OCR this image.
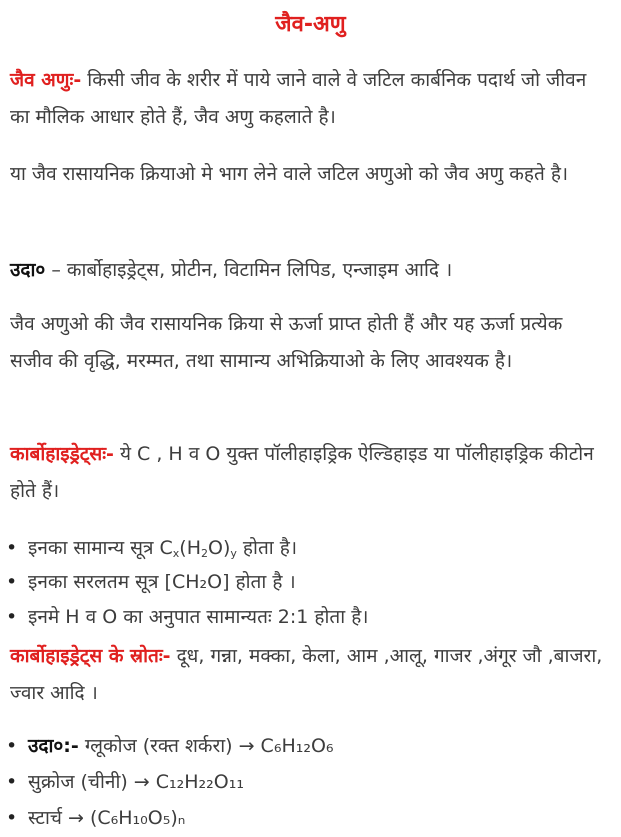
जैव-अणु
जैव अणुः- किसी जीव के शरीर में पाये जाने वाले वे जटिल कार्बनिक पदार्थ जो जीवन का मौलिक आधार होते हैं, जैव अणु कहलाते है।
या जैव रासायनिक क्रियाओ मे भाग लेने वाले जटिल अणुओ को जैव अणु कहते है।
उदा० – कार्बोहाइड्रेट्स, प्रोटीन, विटामिन लिपिड, एन्जाइम आदि ।
जैव अणुओ की जैव रासायनिक क्रिया से ऊर्जा प्राप्त होती हैं और यह ऊर्जा प्रत्येक सजीव की वृद्धि, मरम्मत, तथा सामान्य अभिक्रियाओ के लिए आवश्यक है।
कार्बोहाइड्रेट्सः- ये C , H व O युक्त पॉलीहाइड्रिक ऐल्डिहाइड या पॉलीहाइड्रिक कीटोन होते हैं।
• इनका सामान्य सूत्र $C_x(H_2O)_y$ होता है।
• इनका सरलतम सूत्र [CH₂O] होता है ।
• इनमे H व O का अनुपात सामान्यतः 2:1 होता है।
कार्बोहाइड्रेट्स के स्रोतः- दूध, गन्ना, मक्का, केला, आम ,आलू, गाजर ,अंगूर जौ ,बाजरा, ज्वार आदि ।
• उदा०:- ग्लूकोज (रक्त शर्करा) → C₆H₁₂O₆
• सुक्रोज (चीनी) → C₁₂H₂₂O₁₁
• स्टार्च → (C₆H₁₀O₅)ₙ
